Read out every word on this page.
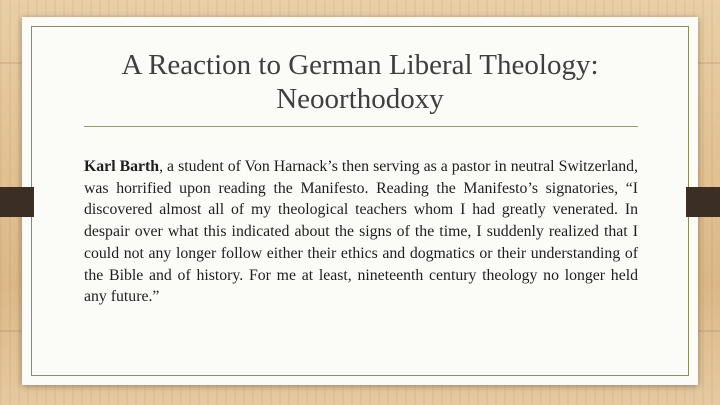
A Reaction to German Liberal Theology:
Neoorthodoxy

Karl Barth, a student of Von Harnack’s then serving as a pastor in neutral Switzerland, was horrified upon reading the Manifesto. Reading the Manifesto’s signatories, “I discovered almost all of my theological teachers whom I had greatly venerated. In despair over what this indicated about the signs of the time, I suddenly realized that I could not any longer follow either their ethics and dogmatics or their understanding of the Bible and of history. For me at least, nineteenth century theology no longer held any future.”
